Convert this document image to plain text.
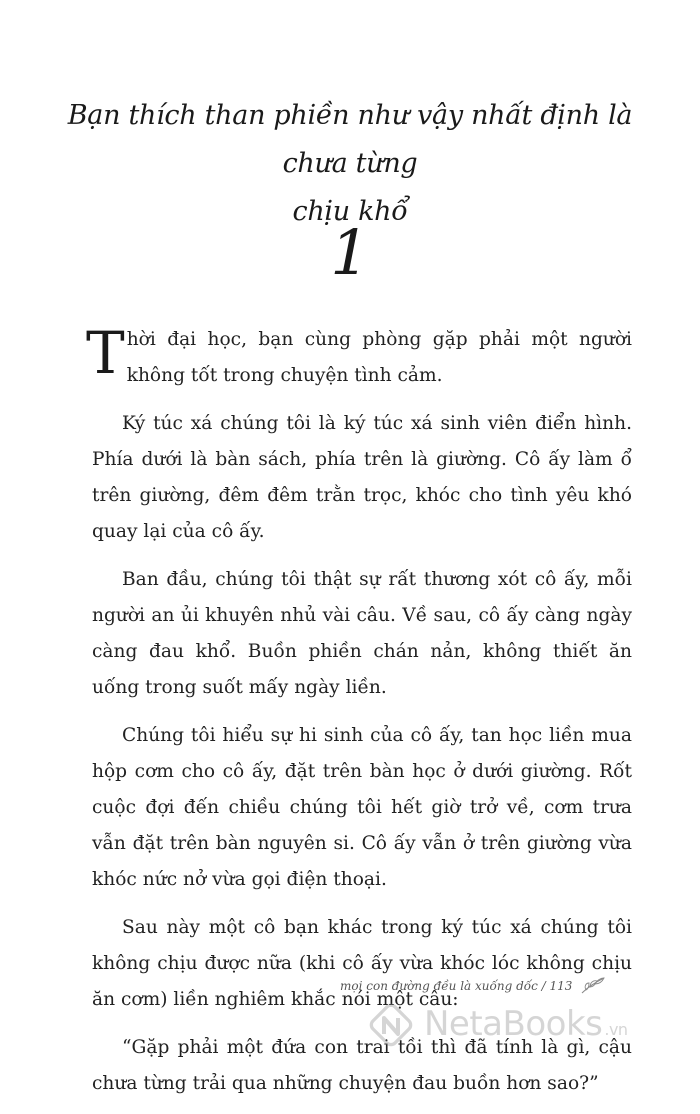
Bạn thích than phiền như vậy nhất định là chưa từng
chịu khổ
1

Thời đại học, bạn cùng phòng gặp phải một người không tốt trong chuyện tình cảm.

Ký túc xá chúng tôi là ký túc xá sinh viên điển hình. Phía dưới là bàn sách, phía trên là giường. Cô ấy làm ổ trên giường, đêm đêm trằn trọc, khóc cho tình yêu khó quay lại của cô ấy.

Ban đầu, chúng tôi thật sự rất thương xót cô ấy, mỗi người an ủi khuyên nhủ vài câu. Về sau, cô ấy càng ngày càng đau khổ. Buồn phiền chán nản, không thiết ăn uống trong suốt mấy ngày liền.

Chúng tôi hiểu sự hi sinh của cô ấy, tan học liền mua hộp cơm cho cô ấy, đặt trên bàn học ở dưới giường. Rốt cuộc đợi đến chiều chúng tôi hết giờ trở về, cơm trưa vẫn đặt trên bàn nguyên si. Cô ấy vẫn ở trên giường vừa khóc nức nở vừa gọi điện thoại.

Sau này một cô bạn khác trong ký túc xá chúng tôi không chịu được nữa (khi cô ấy vừa khóc lóc không chịu ăn cơm) liền nghiêm khắc nói một câu:

“Gặp phải một đứa con trai tồi thì đã tính là gì, cậu chưa từng trải qua những chuyện đau buồn hơn sao?”

mọi con đường đều là xuống dốc / 113
NetaBooks .vn
